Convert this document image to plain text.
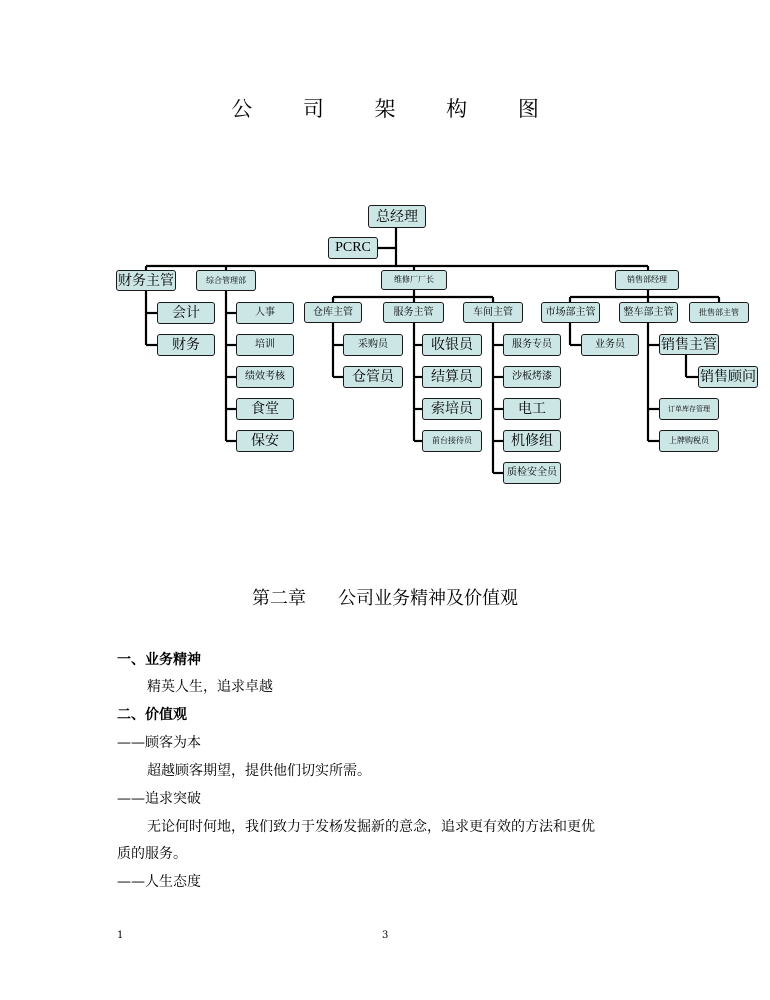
公 司 架 构 图
总经理
PCRC
财务主管	综合管理部	维修厂厂长	销售部经理
会计
财务
人事
培训
绩效考核
食堂
保安
仓库主管	服务主管	车间主管
采购员
仓管员
收银员
结算员
索培员
前台接待员
服务专员
沙板烤漆
电工
机修组
质检安全员
市场部主管	整车部主管	批售部主管
业务员	销售主管
销售顾问
订单库存管理
上牌购税员
第二章 公司业务精神及价值观
一、业务精神
精英人生，追求卓越
二、价值观
——顾客为本
超越顾客期望，提供他们切实所需。
——追求突破
无论何时何地，我们致力于发杨发掘新的意念，追求更有效的方法和更优
质的服务。
——人生态度
1	3
